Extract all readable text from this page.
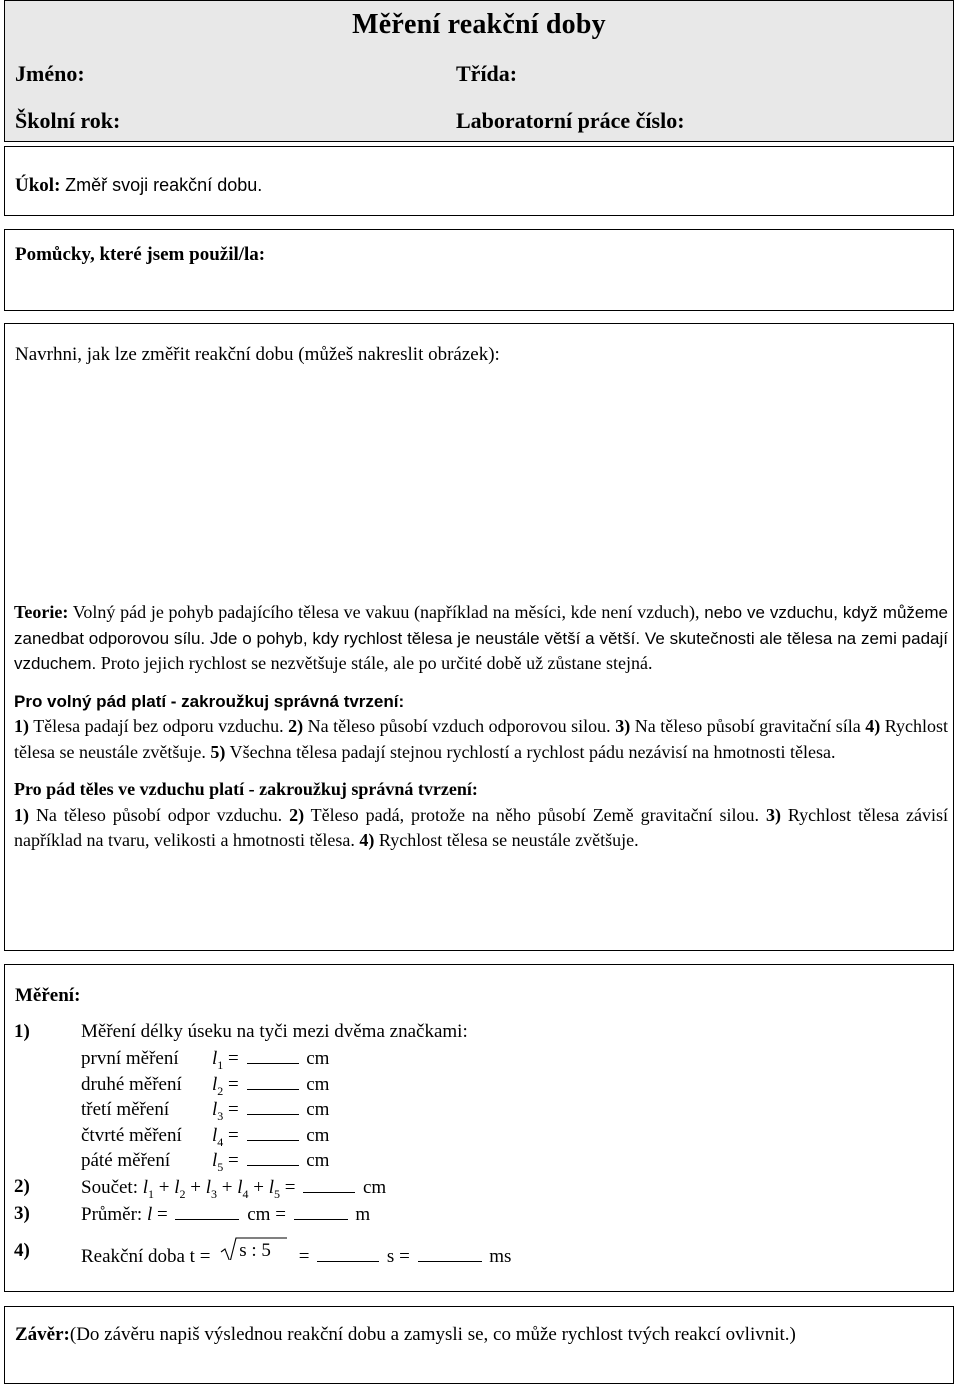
Měření reakční doby
Jméno:	Třída:
Školní rok:	Laboratorní práce číslo:
Úkol: Změř svoji reakční dobu.
Pomůcky, které jsem použil/la:
Navrhni, jak lze změřit reakční dobu (můžeš nakreslit obrázek):

Teorie: Volný pád je pohyb padajícího tělesa ve vakuu (například na měsíci, kde není vzduch), nebo ve vzduchu, když můžeme zanedbat odporovou sílu. Jde o pohyb, kdy rychlost tělesa je neustále větší a větší. Ve skutečnosti ale tělesa na zemi padají vzduchem. Proto jejich rychlost se nezvětšuje stále, ale po určité době už zůstane stejná.

Pro volný pád platí - zakroužkuj správná tvrzení:

1) Tělesa padají bez odporu vzduchu. 2) Na těleso působí vzduch odporovou silou. 3) Na těleso působí gravitační síla 4) Rychlost tělesa se neustále zvětšuje. 5) Všechna tělesa padají stejnou rychlostí a rychlost pádu nezávisí na hmotnosti tělesa.

Pro pád těles ve vzduchu platí - zakroužkuj správná tvrzení:

1) Na těleso působí odpor vzduchu. 2) Těleso padá, protože na něho působí Země gravitační silou. 3) Rychlost tělesa závisí například na tvaru, velikosti a hmotnosti tělesa. 4) Rychlost tělesa se neustále zvětšuje.

Měření:
1)	Měření délky úseku na tyči mezi dvěma značkami:
první měření $l_1$ =	cm
druhé měření $l_2$ =	cm
třetí měření $l_3$ =	cm
čtvrté měření $l_4$ =	cm
páté měření $l_5$ =	cm
2)	Součet: $l_1 + l_2 + l_3 + l_4 + l_5$ =	cm
3)	Průměr: l =	cm =	m
4)	Reakční doba t = s : 5 =	s =	ms
Závěr:(Do závěru napiš výslednou reakční dobu a zamysli se, co může rychlost tvých reakcí ovlivnit.)
